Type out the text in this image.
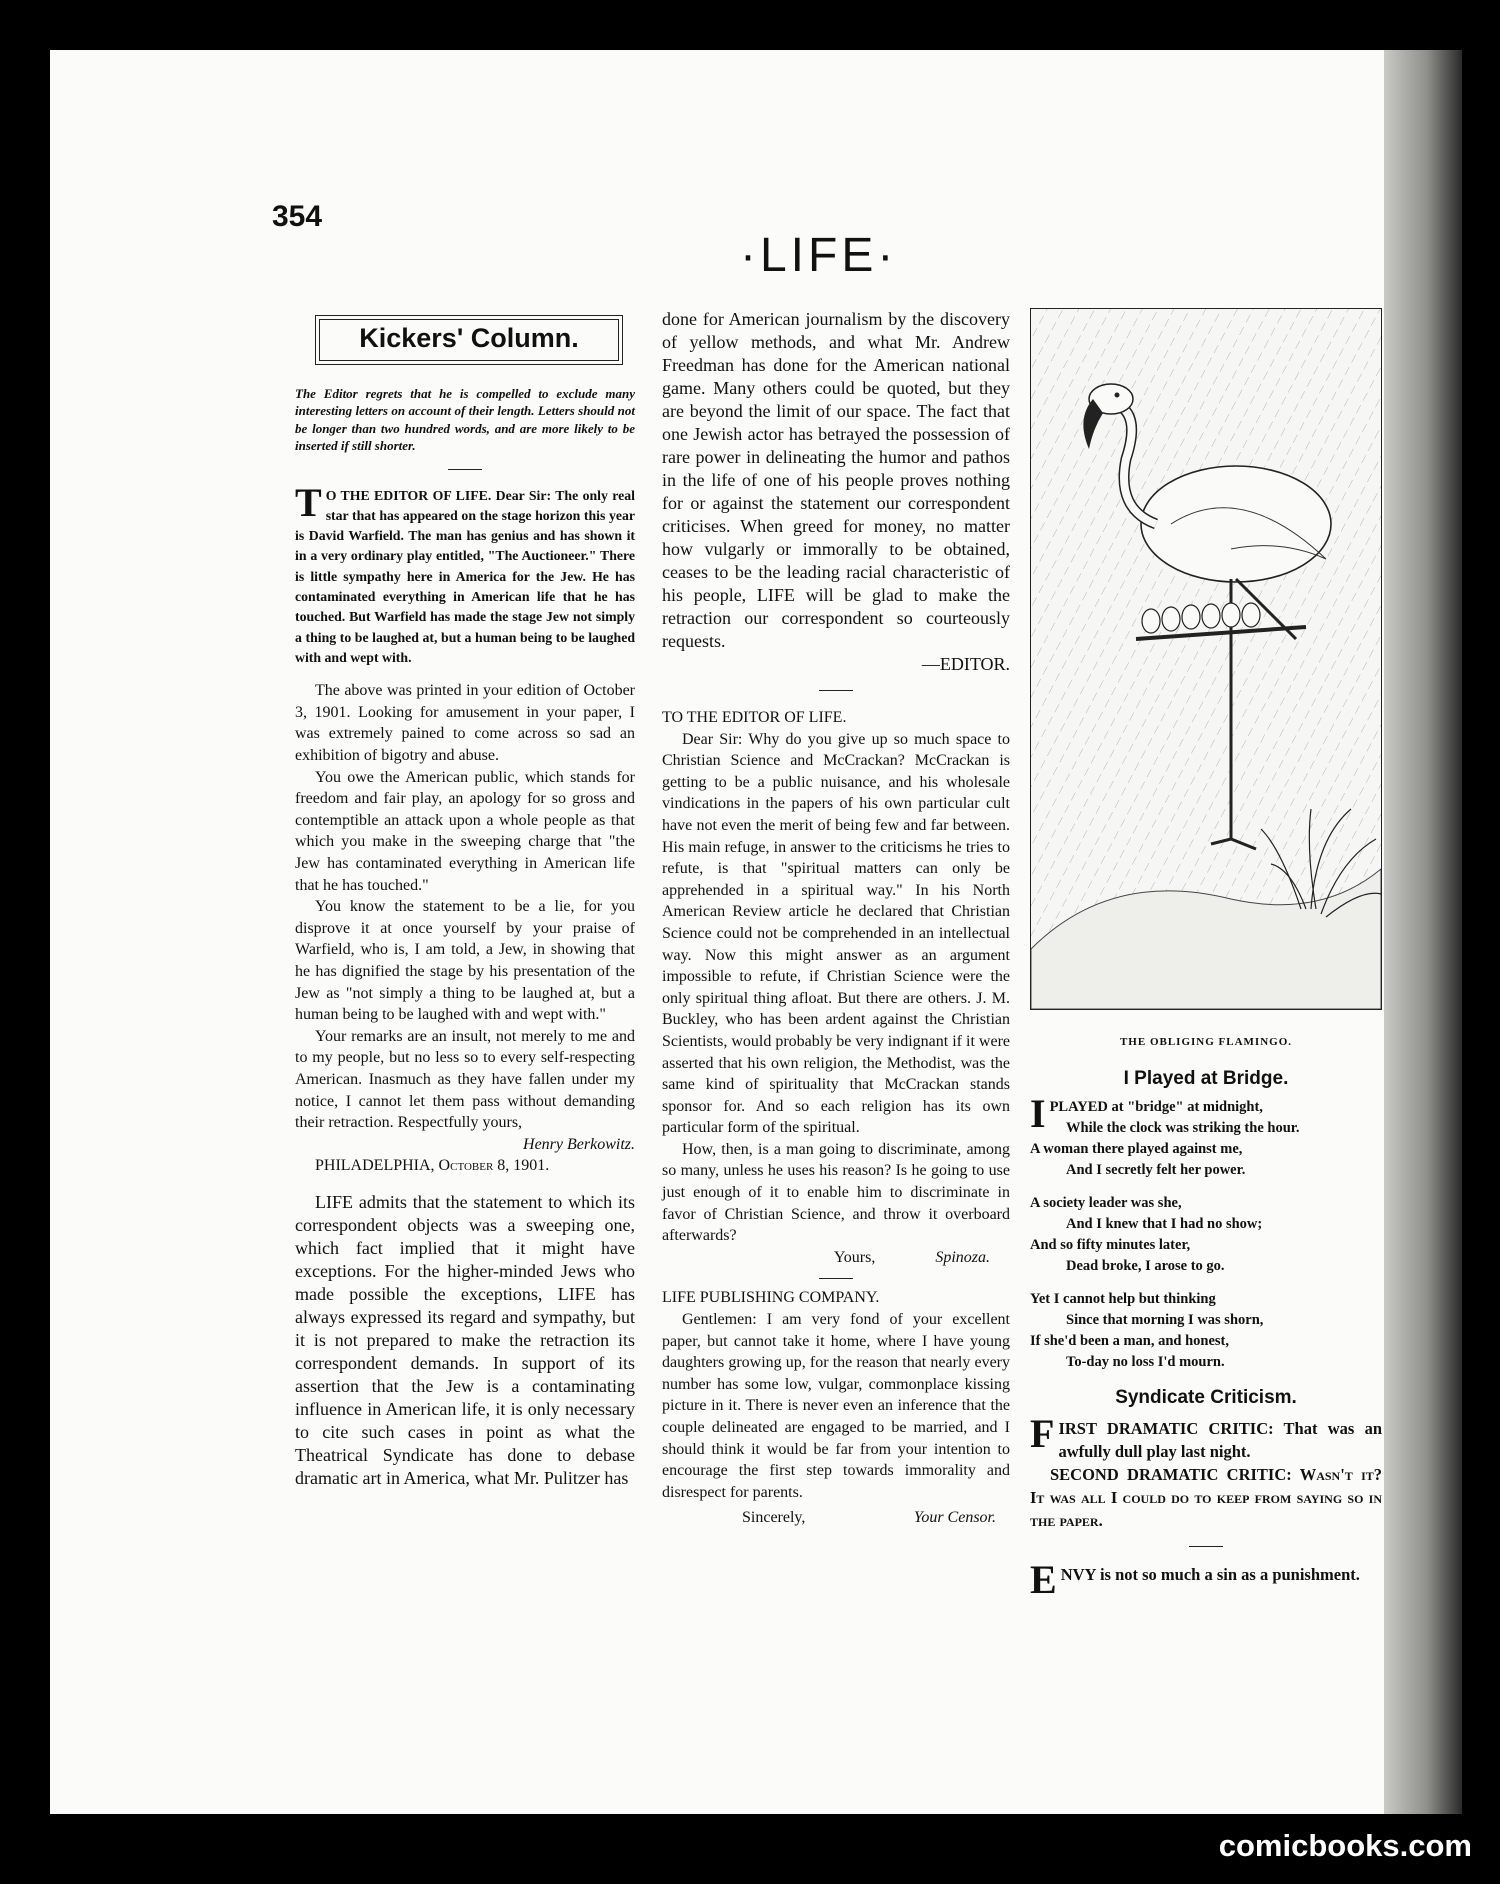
354
·LIFE·
Kickers' Column.

The Editor regrets that he is compelled to exclude many interesting letters on account of their length. Letters should not be longer than two hundred words, and are more likely to be inserted if still shorter.

T O THE EDITOR OF LIFE. Dear Sir: The only real star that has appeared on the stage horizon this year is David Warfield. The man has genius and has shown it in a very ordinary play entitled, "The Auctioneer." There is little sympathy here in America for the Jew. He has contaminated everything in American life that he has touched. But Warfield has made the stage Jew not simply a thing to be laughed at, but a human being to be laughed with and wept with.

The above was printed in your edition of October 3, 1901. Looking for amusement in your paper, I was extremely pained to come across so sad an exhibition of bigotry and abuse.

You owe the American public, which stands for freedom and fair play, an apology for so gross and contemptible an attack upon a whole people as that which you make in the sweeping charge that "the Jew has contaminated everything in American life that he has touched."

You know the statement to be a lie, for you disprove it at once yourself by your praise of Warfield, who is, I am told, a Jew, in showing that he has dignified the stage by his presentation of the Jew as "not simply a thing to be laughed at, but a human being to be laughed with and wept with."

Your remarks are an insult, not merely to me and to my people, but no less so to every self-respecting American. Inasmuch as they have fallen under my notice, I cannot let them pass without demanding their retraction. Respectfully yours,

Henry Berkowitz.

PHILADELPHIA, October 8, 1901.

LIFE admits that the statement to which its correspondent objects was a sweeping one, which fact implied that it might have exceptions. For the higher-minded Jews who made possible the exceptions, LIFE has always expressed its regard and sympathy, but it is not prepared to make the retraction its correspondent demands. In support of its assertion that the Jew is a contaminating influence in American life, it is only necessary to cite such cases in point as what the Theatrical Syndicate has done to debase dramatic art in America, what Mr. Pulitzer has

done for American journalism by the discovery of yellow methods, and what Mr. Andrew Freedman has done for the American national game. Many others could be quoted, but they are beyond the limit of our space. The fact that one Jewish actor has betrayed the possession of rare power in delineating the humor and pathos in the life of one of his people proves nothing for or against the statement our correspondent criticises. When greed for money, no matter how vulgarly or immorally to be obtained, ceases to be the leading racial characteristic of his people, LIFE will be glad to make the retraction our correspondent so courteously requests.

—EDITOR.

TO THE EDITOR OF LIFE.

Dear Sir: Why do you give up so much space to Christian Science and McCrackan? McCrackan is getting to be a public nuisance, and his wholesale vindications in the papers of his own particular cult have not even the merit of being few and far between. His main refuge, in answer to the criticisms he tries to refute, is that "spiritual matters can only be apprehended in a spiritual way." In his North American Review article he declared that Christian Science could not be comprehended in an intellectual way. Now this might answer as an argument impossible to refute, if Christian Science were the only spiritual thing afloat. But there are others. J. M. Buckley, who has been ardent against the Christian Scientists, would probably be very indignant if it were asserted that his own religion, the Methodist, was the same kind of spirituality that McCrackan stands sponsor for. And so each religion has its own particular form of the spiritual.

How, then, is a man going to discriminate, among so many, unless he uses his reason? Is he going to use just enough of it to enable him to discriminate in favor of Christian Science, and throw it overboard afterwards?

Yours,	Spinoza.

LIFE PUBLISHING COMPANY.

Gentlemen: I am very fond of your excellent paper, but cannot take it home, where I have young daughters growing up, for the reason that nearly every number has some low, vulgar, commonplace kissing picture in it. There is never even an inference that the couple delineated are engaged to be married, and I should think it would be far from your intention to encourage the first step towards immorality and disrespect for parents.

Sincerely,	Your Censor.
THE OBLIGING FLAMINGO.
I Played at Bridge.
IPLAYED at "bridge" at midnight,
While the clock was striking the hour.
A woman there played against me,
And I secretly felt her power.
A society leader was she,
And I knew that I had no show;
And so fifty minutes later,
Dead broke, I arose to go.
Yet I cannot help but thinking
Since that morning I was shorn,
If she'd been a man, and honest,
To-day no loss I'd mourn.
Syndicate Criticism.

FIRST DRAMATIC CRITIC: That was an awfully dull play last night.

SECOND DRAMATIC CRITIC: Wasn't it? It was all I could do to keep from saying so in the paper.

ENVY is not so much a sin as a punishment.

comicbooks.com
